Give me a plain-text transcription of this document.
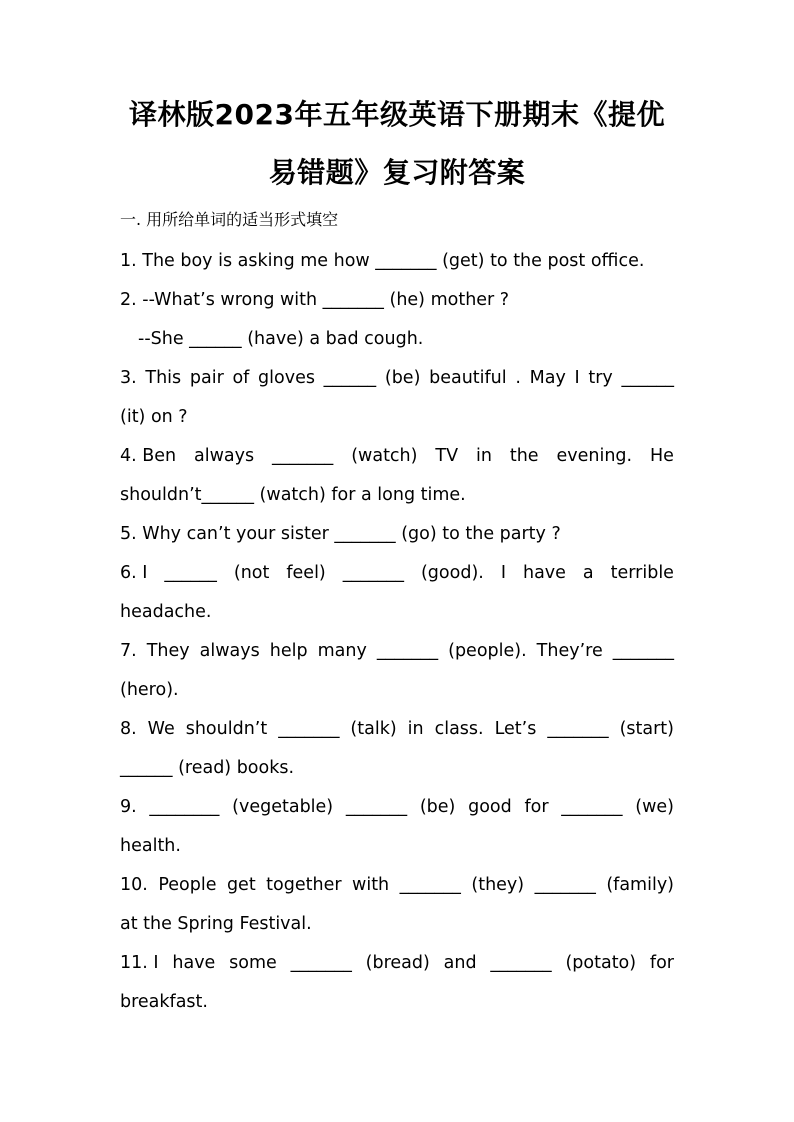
译林版2023年五年级英语下册期末《提优
易错题》复习附答案
一. 用所给单词的适当形式填空
1. The boy is asking me how _______ (get) to the post office.
2. --What’s wrong with _______ (he) mother ?
--She ______ (have) a bad cough.
3. This pair of gloves ______ (be) beautiful . May I try ______
(it) on ?
4. Ben always _______ (watch) TV in the evening. He
shouldn’t______ (watch) for a long time.
5. Why can’t your sister _______ (go) to the party ?
6. I ______ (not feel) _______ (good). I have a terrible
headache.
7. They always help many _______ (people). They’re _______
(hero).
8. We shouldn’t _______ (talk) in class. Let’s _______ (start)
______ (read) books.
9. ________ (vegetable) _______ (be) good for _______ (we)
health.
10. People get together with _______ (they) _______ (family)
at the Spring Festival.
11. I have some _______ (bread) and _______ (potato) for
breakfast.
